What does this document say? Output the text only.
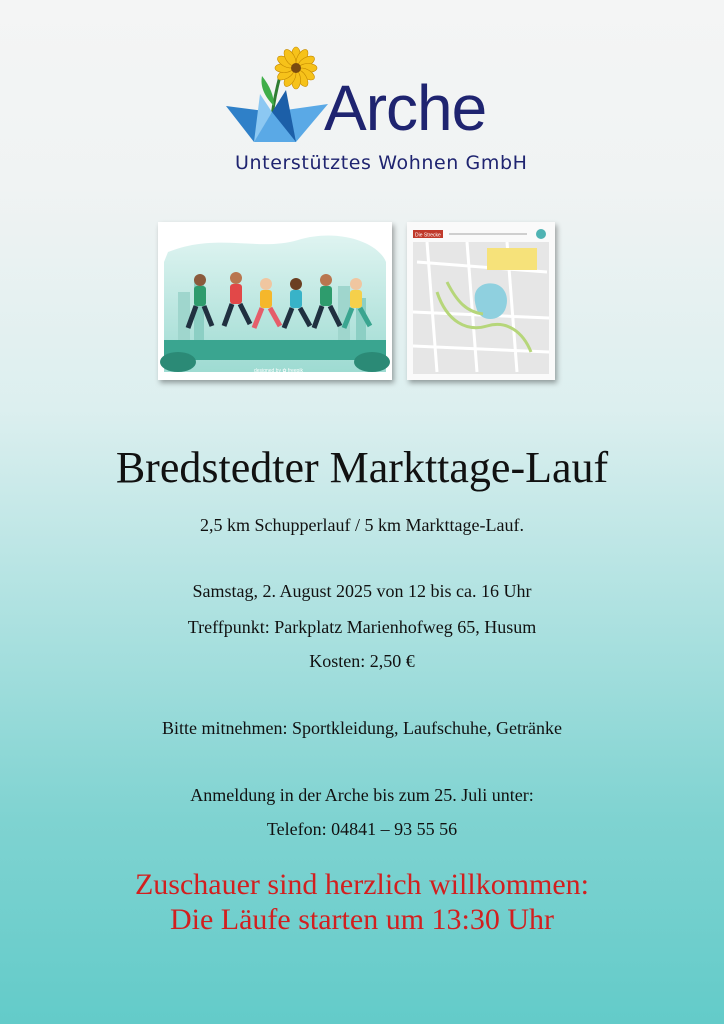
Arche
Unterstütztes Wohnen GmbH
designed by ✿ freepik
Die Strecke
Bredstedter Markttage-Lauf
2,5 km Schupperlauf / 5 km Markttage-Lauf.
Samstag, 2. August 2025 von 12 bis ca. 16 Uhr
Treffpunkt: Parkplatz Marienhofweg 65, Husum
Kosten: 2,50 €
Bitte mitnehmen: Sportkleidung, Laufschuhe, Getränke
Anmeldung in der Arche bis zum 25. Juli unter:
Telefon: 04841 – 93 55 56
Zuschauer sind herzlich willkommen:
Die Läufe starten um 13:30 Uhr
